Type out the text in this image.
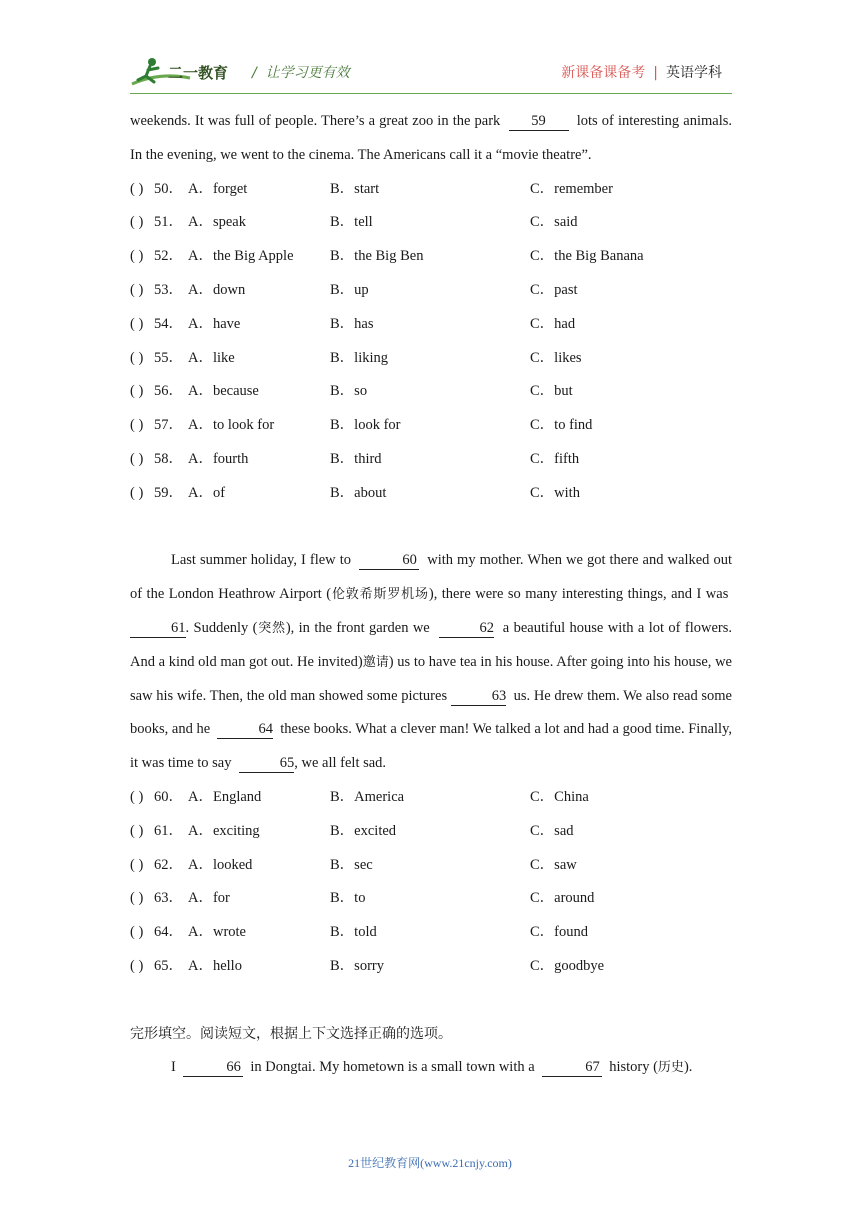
二一教育 /  让学习更有效	新课备课备考 | 英语学科

weekends. It was full of people. There’s a great zoo in the park 59 lots of interesting animals. In the evening, we went to the cinema. The Americans call it a “movie theatre”.

( ) 50． A．forget	B．start	C．remember
( ) 51． A．speak	B．tell	C．said
( ) 52． A．the Big Apple	B．the Big Ben	C．the Big Banana
( ) 53． A．down	B．up	C．past
( ) 54． A．have	B．has	C．had
( ) 55． A．like	B．liking	C．likes
( ) 56． A．because	B．so	C．but
( ) 57． A．to look for	B．look for	C．to find
( ) 58． A．fourth	B．third	C．fifth
( ) 59． A．of	B．about	C．with

Last summer holiday, I flew to	60 with my mother. When we got there and walked out of the London Heathrow Airport (伦敦希斯罗机场), there were so many interesting things, and I was  61. Suddenly (突然), in the front garden we	62 a beautiful house with a lot of flowers. And a kind old man got out. He invited)邀请) us to have tea in his house. After going into his house, we saw his wife. Then, the old man showed some pictures	63 us. He drew them. We also read some books, and he	64 these books. What a clever man! We talked a lot and had a good time. Finally, it was time to say	65, we all felt sad.

( ) 60． A．England	B．America	C．China
( ) 61． A．exciting	B．excited	C．sad
( ) 62． A．looked	B．sec	C．saw
( ) 63． A．for	B．to	C．around
( ) 64． A．wrote	B．told	C．found
( ) 65． A．hello	B．sorry	C．goodbye
完形填空。阅读短文，根据上下文选择正确的选项。

I	66 in Dongtai. My hometown is a small town with a	67 history (历史).

21世纪教育网(www.21cnjy.com)
